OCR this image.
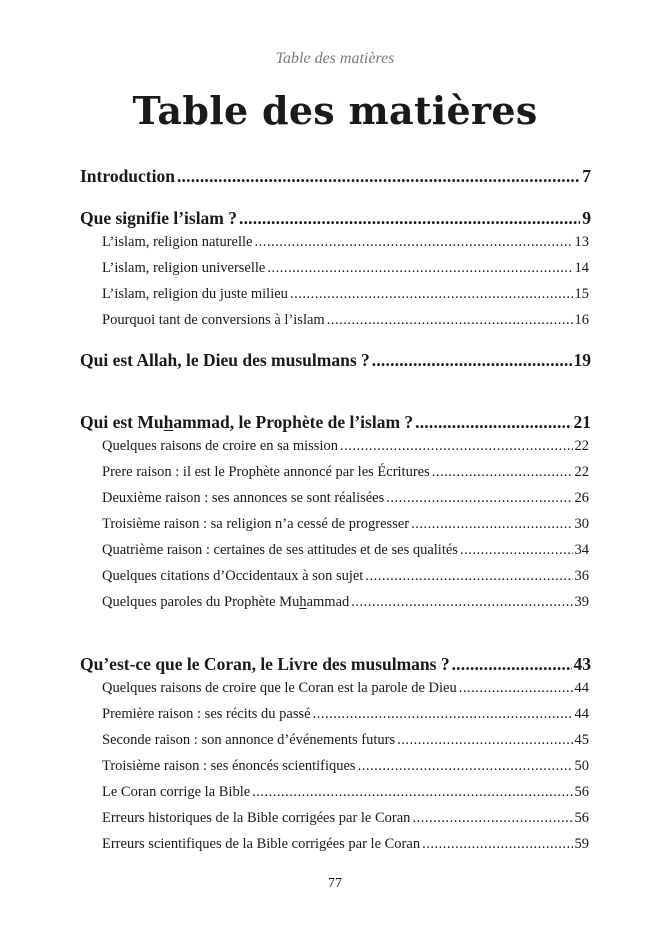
Table des matières
Table des matières
Introduction .....	7
Que signifie l’islam ? .....	9
L’islam, religion naturelle .....	13
L’islam, religion universelle .....	14
L’islam, religion du juste milieu .....	15
Pourquoi tant de conversions à l’islam .....	16
Qui est Allah, le Dieu des musulmans ? .....	19
Qui est Muhammad, le Prophète de l’islam ? .....	21
Quelques raisons de croire en sa mission .....	22
Prere raison : il est le Prophète annoncé par les Écritures .....	22
Deuxième raison : ses annonces se sont réalisées .....	26
Troisième raison : sa religion n’a cessé de progresser .....	30
Quatrième raison : certaines de ses attitudes et de ses qualités .....	34
Quelques citations d’Occidentaux à son sujet .....	36
Quelques paroles du Prophète Muhammad .....	39
Qu’est-ce que le Coran, le Livre des musulmans ? .....	43
Quelques raisons de croire que le Coran est la parole de Dieu .....	44
Première raison : ses récits du passé .....	44
Seconde raison : son annonce d’événements futurs .....	45
Troisième raison : ses énoncés scientifiques .....	50
Le Coran corrige la Bible .....	56
Erreurs historiques de la Bible corrigées par le Coran .....	56
Erreurs scientifiques de la Bible corrigées par le Coran .....	59
77
